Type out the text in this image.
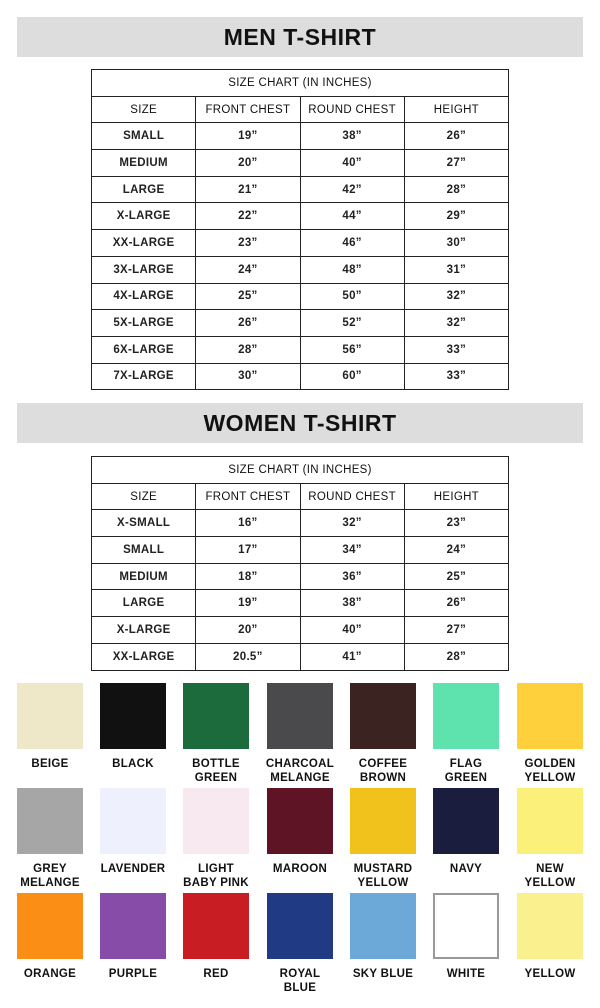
MEN T-SHIRT
SIZE CHART (IN INCHES)			
SIZE	FRONT CHEST	ROUND CHEST	HEIGHT
SMALL	19”	38”	26”
MEDIUM	20”	40”	27”
LARGE	21”	42”	28”
X-LARGE	22”	44”	29”
XX-LARGE	23”	46”	30”
3X-LARGE	24”	48”	31”
4X-LARGE	25”	50”	32”
5X-LARGE	26”	52”	32”
6X-LARGE	28”	56”	33”
7X-LARGE	30”	60”	33”
WOMEN T-SHIRT
SIZE CHART (IN INCHES)			
SIZE	FRONT CHEST	ROUND CHEST	HEIGHT
X-SMALL	16”	32”	23”
SMALL	17”	34”	24”
MEDIUM	18”	36”	25”
LARGE	19”	38”	26”
X-LARGE	20”	40”	27”
XX-LARGE	20.5”	41”	28”
BEIGE	BLACK	BOTTLE
GREEN
CHARCOAL
MELANGE
COFFEE
BROWN
FLAG
GREEN
GOLDEN
YELLOW
GREY
MELANGE
LAVENDER	LIGHT
BABY PINK
MAROON	MUSTARD
YELLOW
NAVY	NEW
YELLOW
ORANGE	PURPLE	RED	ROYAL
BLUE
SKY BLUE	WHITE	YELLOW
